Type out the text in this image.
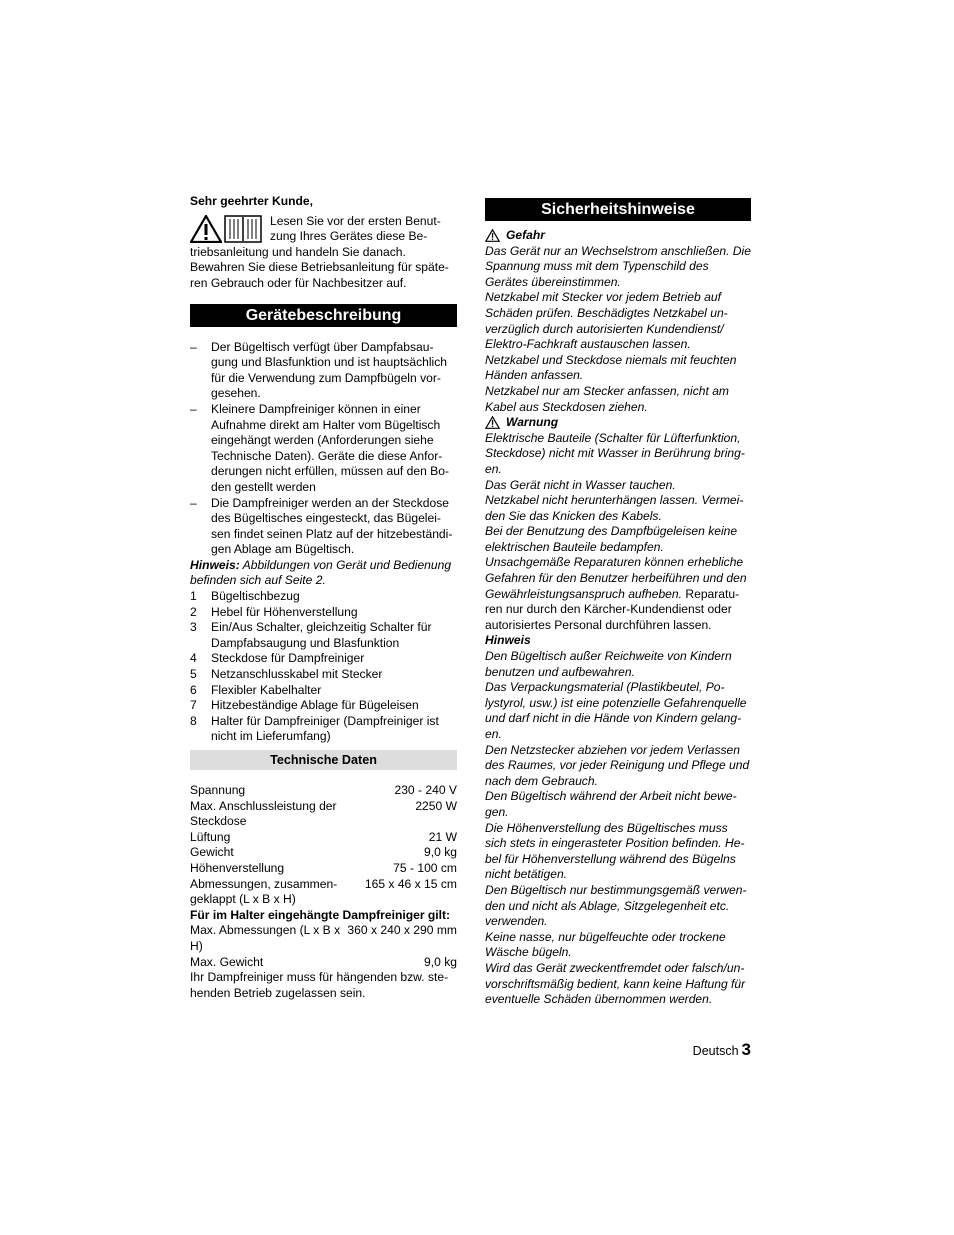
Sehr geehrter Kunde,

Lesen Sie vor der ersten Benut-zung Ihres Gerätes diese Be-triebsanleitung und handeln Sie danach. Bewahren Sie diese Betriebsanleitung für späte-ren Gebrauch oder für Nachbesitzer auf.

Gerätebeschreibung
–	Der Bügeltisch verfügt über Dampfabsau-gung und Blasfunktion und ist hauptsächlich für die Verwendung zum Dampfbügeln vor-gesehen.
–	Kleinere Dampfreiniger können in einer Aufnahme direkt am Halter vom Bügeltisch eingehängt werden (Anforderungen siehe Technische Daten). Geräte die diese Anfor-derungen nicht erfüllen, müssen auf den Bo-den gestellt werden
–	Die Dampfreiniger werden an der Steckdose des Bügeltisches eingesteckt, das Bügelei-sen findet seinen Platz auf der hitzebeständi-gen Ablage am Bügeltisch.

Hinweis: Abbildungen von Gerät und Bedienung befinden sich auf Seite 2.

1	Bügeltischbezug
2	Hebel für Höhenverstellung
3	Ein/Aus Schalter, gleichzeitig Schalter für Dampfabsaugung und Blasfunktion
4	Steckdose für Dampfreiniger
5	Netzanschlusskabel mit Stecker
6	Flexibler Kabelhalter
7	Hitzebeständige Ablage für Bügeleisen
8	Halter für Dampfreiniger (Dampfreiniger ist nicht im Lieferumfang)
Technische Daten
Spannung	230 - 240 V
Max. Anschlussleistung der Steckdose	2250 W
Lüftung	21 W
Gewicht	9,0 kg
Höhenverstellung	75 - 100 cm
Abmessungen, zusammen-geklappt (L x B x H)	165 x 46 x 15 cm
Für im Halter eingehängte Dampfreiniger gilt:	
Max. Abmessungen (L x B x H)	360 x 240 x 290 mm
Max. Gewicht	9,0 kg

Ihr Dampfreiniger muss für hängenden bzw. ste-henden Betrieb zugelassen sein.

Sicherheitshinweise
Gefahr

Das Gerät nur an Wechselstrom anschließen. Die Spannung muss mit dem Typenschild des Gerätes übereinstimmen.

Netzkabel mit Stecker vor jedem Betrieb auf Schäden prüfen. Beschädigtes Netzkabel un-verzüglich durch autorisierten Kundendienst/ Elektro-Fachkraft austauschen lassen.

Netzkabel und Steckdose niemals mit feuchten Händen anfassen.

Netzkabel nur am Stecker anfassen, nicht am Kabel aus Steckdosen ziehen.

Warnung

Elektrische Bauteile (Schalter für Lüfterfunktion, Steckdose) nicht mit Wasser in Berührung bring-en.

Das Gerät nicht in Wasser tauchen.

Netzkabel nicht herunterhängen lassen. Vermei-den Sie das Knicken des Kabels.

Bei der Benutzung des Dampfbügeleisen keine elektrischen Bauteile bedampfen.

Unsachgemäße Reparaturen können erhebliche Gefahren für den Benutzer herbeiführen und den Gewährleistungsanspruch aufheben. Reparatu-ren nur durch den Kärcher-Kundendienst oder autorisiertes Personal durchführen lassen.

Hinweis

Den Bügeltisch außer Reichweite von Kindern benutzen und aufbewahren.

Das Verpackungsmaterial (Plastikbeutel, Po-lystyrol, usw.) ist eine potenzielle Gefahrenquelle und darf nicht in die Hände von Kindern gelang-en.

Den Netzstecker abziehen vor jedem Verlassen des Raumes, vor jeder Reinigung und Pflege und nach dem Gebrauch.

Den Bügeltisch während der Arbeit nicht bewe-gen.

Die Höhenverstellung des Bügeltisches muss sich stets in eingerasteter Position befinden. He-bel für Höhenverstellung während des Bügelns nicht betätigen.

Den Bügeltisch nur bestimmungsgemäß verwen-den und nicht als Ablage, Sitzgelegenheit etc. verwenden.

Keine nasse, nur bügelfeuchte oder trockene Wäsche bügeln.

Wird das Gerät zweckentfremdet oder falsch/un-vorschriftsmäßig bedient, kann keine Haftung für eventuelle Schäden übernommen werden.

Deutsch 3
